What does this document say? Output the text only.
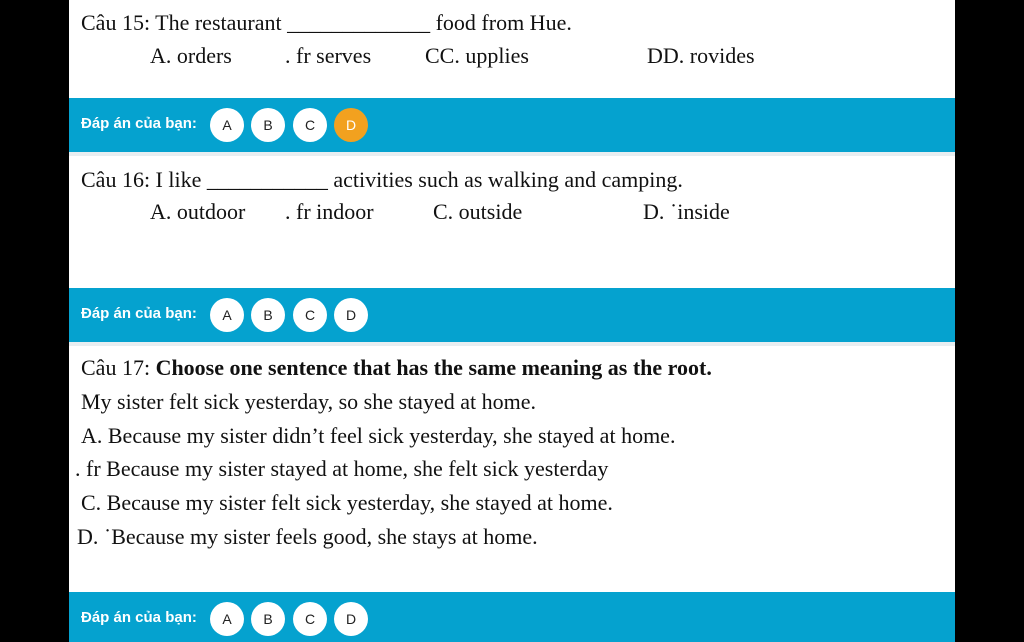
Câu 15: The restaurant _____________ food from Hue.
A. orders . fr serves CC. upplies	DD. rovides
Đáp án của bạn:	A	B	C	D
Câu 16: I like ___________ activities such as walking and camping.
A. outdoor . fr indoor	C. outside	D. ˙inside
Đáp án của bạn:	A	B	C	D
Câu 17: Choose one sentence that has the same meaning as the root.
My sister felt sick yesterday, so she stayed at home.
A. Because my sister didn’t feel sick yesterday, she stayed at home.
. fr Because my sister stayed at home, she felt sick yesterday
C. Because my sister felt sick yesterday, she stayed at home.
D. ˙Because my sister feels good, she stays at home.
Đáp án của bạn:	A	B	C	D
